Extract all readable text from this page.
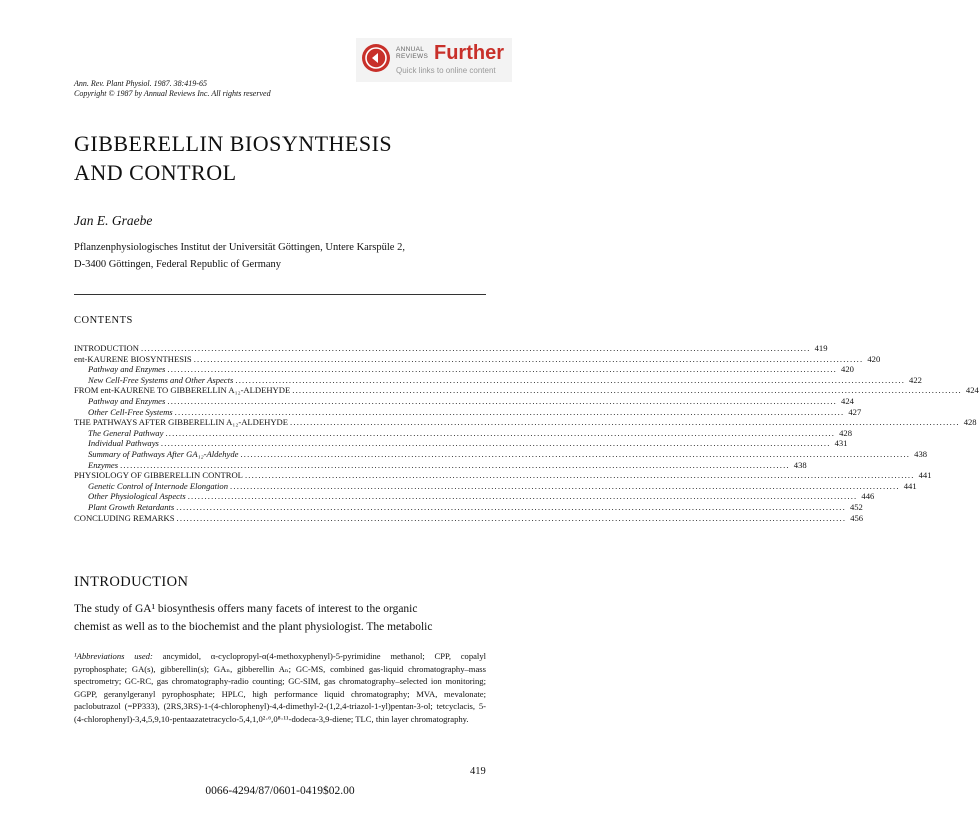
ANNUAL
REVIEWS Further
Quick links to online content
Ann. Rev. Plant Physiol. 1987. 38:419-65
Copyright © 1987 by Annual Reviews Inc. All rights reserved
GIBBERELLIN BIOSYNTHESIS
AND CONTROL
Jan E. Graebe
Pflanzenphysiologisches Institut der Universität Göttingen, Untere Karspüle 2,
D-3400 Göttingen, Federal Republic of Germany
CONTENTS
INTRODUCTION ........................................................................................................................................................................................................ 419
ent-KAURENE BIOSYNTHESIS ........................................................................................................................................................................................................ 420
Pathway and Enzymes ........................................................................................................................................................................................................ 420
New Cell-Free Systems and Other Aspects ........................................................................................................................................................................................................ 422
FROM ent-KAURENE TO GIBBERELLIN A₁₂-ALDEHYDE ........................................................................................................................................................................................................ 424
Pathway and Enzymes ........................................................................................................................................................................................................ 424
Other Cell-Free Systems ........................................................................................................................................................................................................ 427
THE PATHWAYS AFTER GIBBERELLIN A₁₂-ALDEHYDE ........................................................................................................................................................................................................ 428
The General Pathway ........................................................................................................................................................................................................ 428
Individual Pathways ........................................................................................................................................................................................................ 431
Summary of Pathways After GA₁₂-Aldehyde ........................................................................................................................................................................................................ 438
Enzymes ........................................................................................................................................................................................................ 438
PHYSIOLOGY OF GIBBERELLIN CONTROL ........................................................................................................................................................................................................ 441
Genetic Control of Internode Elongation ........................................................................................................................................................................................................ 441
Other Physiological Aspects ........................................................................................................................................................................................................ 446
Plant Growth Retardants ........................................................................................................................................................................................................ 452
CONCLUDING REMARKS ........................................................................................................................................................................................................ 456
INTRODUCTION
The study of GA¹ biosynthesis offers many facets of interest to the organic
chemist as well as to the biochemist and the plant physiologist. The metabolic
¹Abbreviations used: ancymidol, α-cyclopropyl-α(4-methoxyphenyl)-5-pyrimidine methanol; CPP, copalyl pyrophosphate; GA(s), gibberellin(s); GAₙ, gibberellin Aₙ; GC-MS, combined gas-liquid chromatography–mass spectrometry; GC-RC, gas chromatography-radio counting; GC-SIM, gas chromatography–selected ion monitoring; GGPP, geranylgeranyl pyrophosphate; HPLC, high performance liquid chromatography; MVA, mevalonate; paclobutrazol (=PP333), (2RS,3RS)-1-(4-chlorophenyl)-4,4-dimethyl-2-(1,2,4-triazol-1-yl)pentan-3-ol; tetcyclacis, 5-(4-chlorophenyl)-3,4,5,9,10-pentaazatetracyclo-5,4,1,0²·⁶,0⁸·¹¹-dodeca-3,9-diene; TLC, thin layer chromatography.
419
0066-4294/87/0601-0419$02.00
